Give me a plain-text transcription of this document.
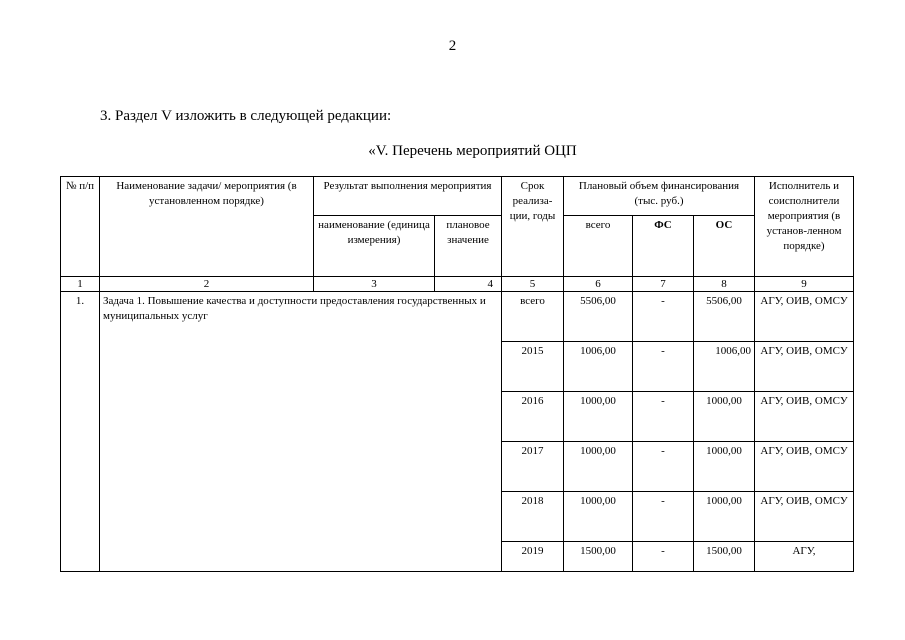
2
3. Раздел V изложить в следующей редакции:
«V. Перечень мероприятий ОЦП
№ п/п	Наименование задачи/ мероприятия (в установленном порядке)	Результат выполнения мероприятия		Срок реализа-ции, годы	Плановый объем финансирования (тыс. руб.)			Исполнитель и соисполнители мероприятия (в установ-ленном порядке)
		наименование (единица измерения)	плановое значение		всего	ФС	ОС	
1	2	3	4	5	6	7	8	9
1.	Задача 1. Повышение качества и доступности предоставления государственных и муниципальных услуг			всего	5506,00	-	5506,00	АГУ, ОИВ, ОМСУ
				2015	1006,00	-	1006,00	АГУ, ОИВ, ОМСУ
				2016	1000,00	-	1000,00	АГУ, ОИВ, ОМСУ
				2017	1000,00	-	1000,00	АГУ, ОИВ, ОМСУ
				2018	1000,00	-	1000,00	АГУ, ОИВ, ОМСУ
				2019	1500,00	-	1500,00	АГУ,
